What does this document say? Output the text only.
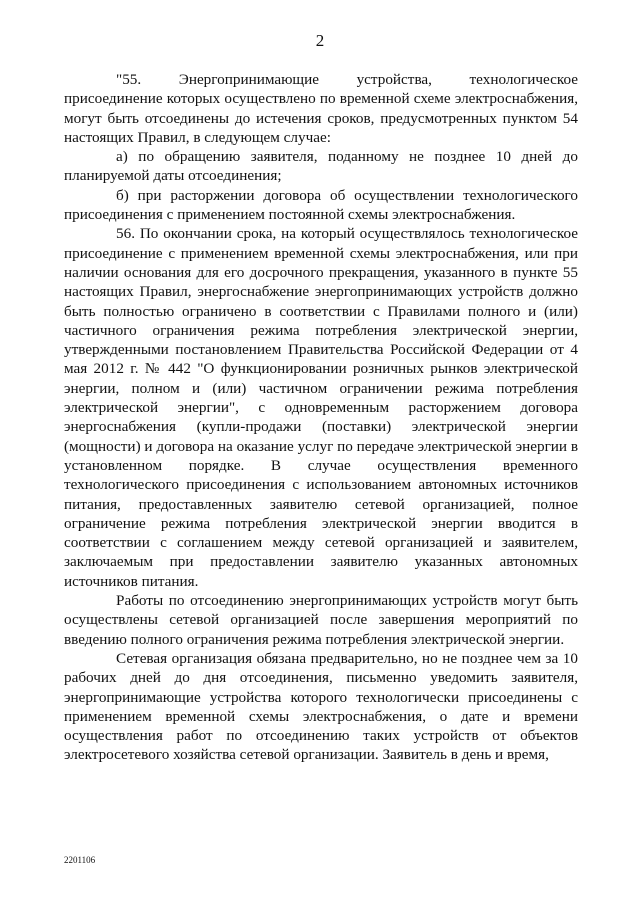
2

"55. Энергопринимающие устройства, технологическое присоединение которых осуществлено по временной схеме электроснабжения, могут быть отсоединены до истечения сроков, предусмотренных пунктом 54 настоящих Правил, в следующем случае:

а) по обращению заявителя, поданному не позднее 10 дней до планируемой даты отсоединения;

б) при расторжении договора об осуществлении технологического присоединения с применением постоянной схемы электроснабжения.

56. По окончании срока, на который осуществлялось технологическое присоединение с применением временной схемы электроснабжения, или при наличии основания для его досрочного прекращения, указанного в пункте 55 настоящих Правил, энергоснабжение энергопринимающих устройств должно быть полностью ограничено в соответствии с Правилами полного и (или) частичного ограничения режима потребления электрической энергии, утвержденными постановлением Правительства Российской Федерации от 4 мая 2012 г. № 442 "О функционировании розничных рынков электрической энергии, полном и (или) частичном ограничении режима потребления электрической энергии", с одновременным расторжением договора энергоснабжения (купли-продажи (поставки) электрической энергии (мощности) и договора на оказание услуг по передаче электрической энергии в установленном порядке. В случае осуществления временного технологического присоединения с использованием автономных источников питания, предоставленных заявителю сетевой организацией, полное ограничение режима потребления электрической энергии вводится в соответствии с соглашением между сетевой организацией и заявителем, заключаемым при предоставлении заявителю указанных автономных источников питания.

Работы по отсоединению энергопринимающих устройств могут быть осуществлены сетевой организацией после завершения мероприятий по введению полного ограничения режима потребления электрической энергии.

Сетевая организация обязана предварительно, но не позднее чем за 10 рабочих дней до дня отсоединения, письменно уведомить заявителя, энергопринимающие устройства которого технологически присоединены с применением временной схемы электроснабжения, о дате и времени осуществления работ по отсоединению таких устройств от объектов электросетевого хозяйства сетевой организации. Заявитель в день и время,

2201106
